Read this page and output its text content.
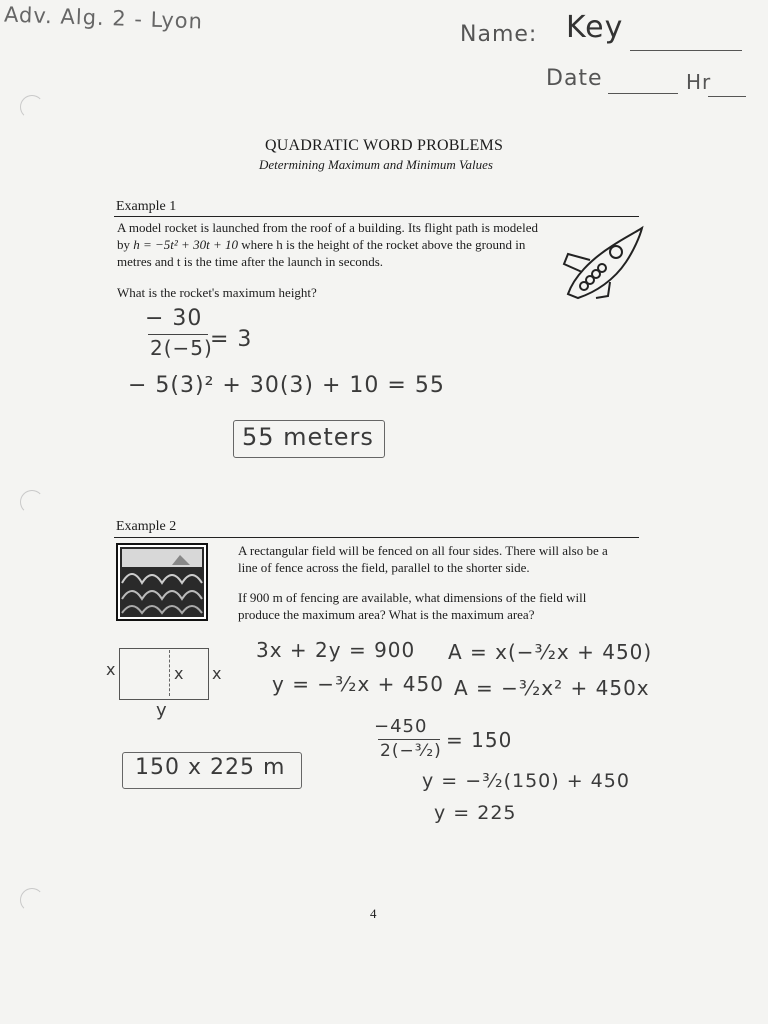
Adv. Alg. 2 - Lyon
Name: Key
Date	Hr
QUADRATIC WORD PROBLEMS
Determining Maximum and Minimum Values
Example 1
A model rocket is launched from the roof of a building. Its flight path is modeled
by h = −5t² + 30t + 10 where h is the height of the rocket above the ground in
metres and t is the time after the launch in seconds.
What is the rocket's maximum height?
− 30
2(−5)
= 3
− 5(3)² + 30(3) + 10 = 55
55 meters
Example 2
A rectangular field will be fenced on all four sides. There will also be a
line of fence across the field, parallel to the shorter side.
If 900 m of fencing are available, what dimensions of the field will
produce the maximum area? What is the maximum area?
x	x x
y
3x + 2y = 900
y = −³⁄₂x + 450
A = x(−³⁄₂x + 450)
A = −³⁄₂x² + 450x
−450
2(−³⁄₂) = 150
y = −³⁄₂(150) + 450
y = 225
150 x 225 m
4
